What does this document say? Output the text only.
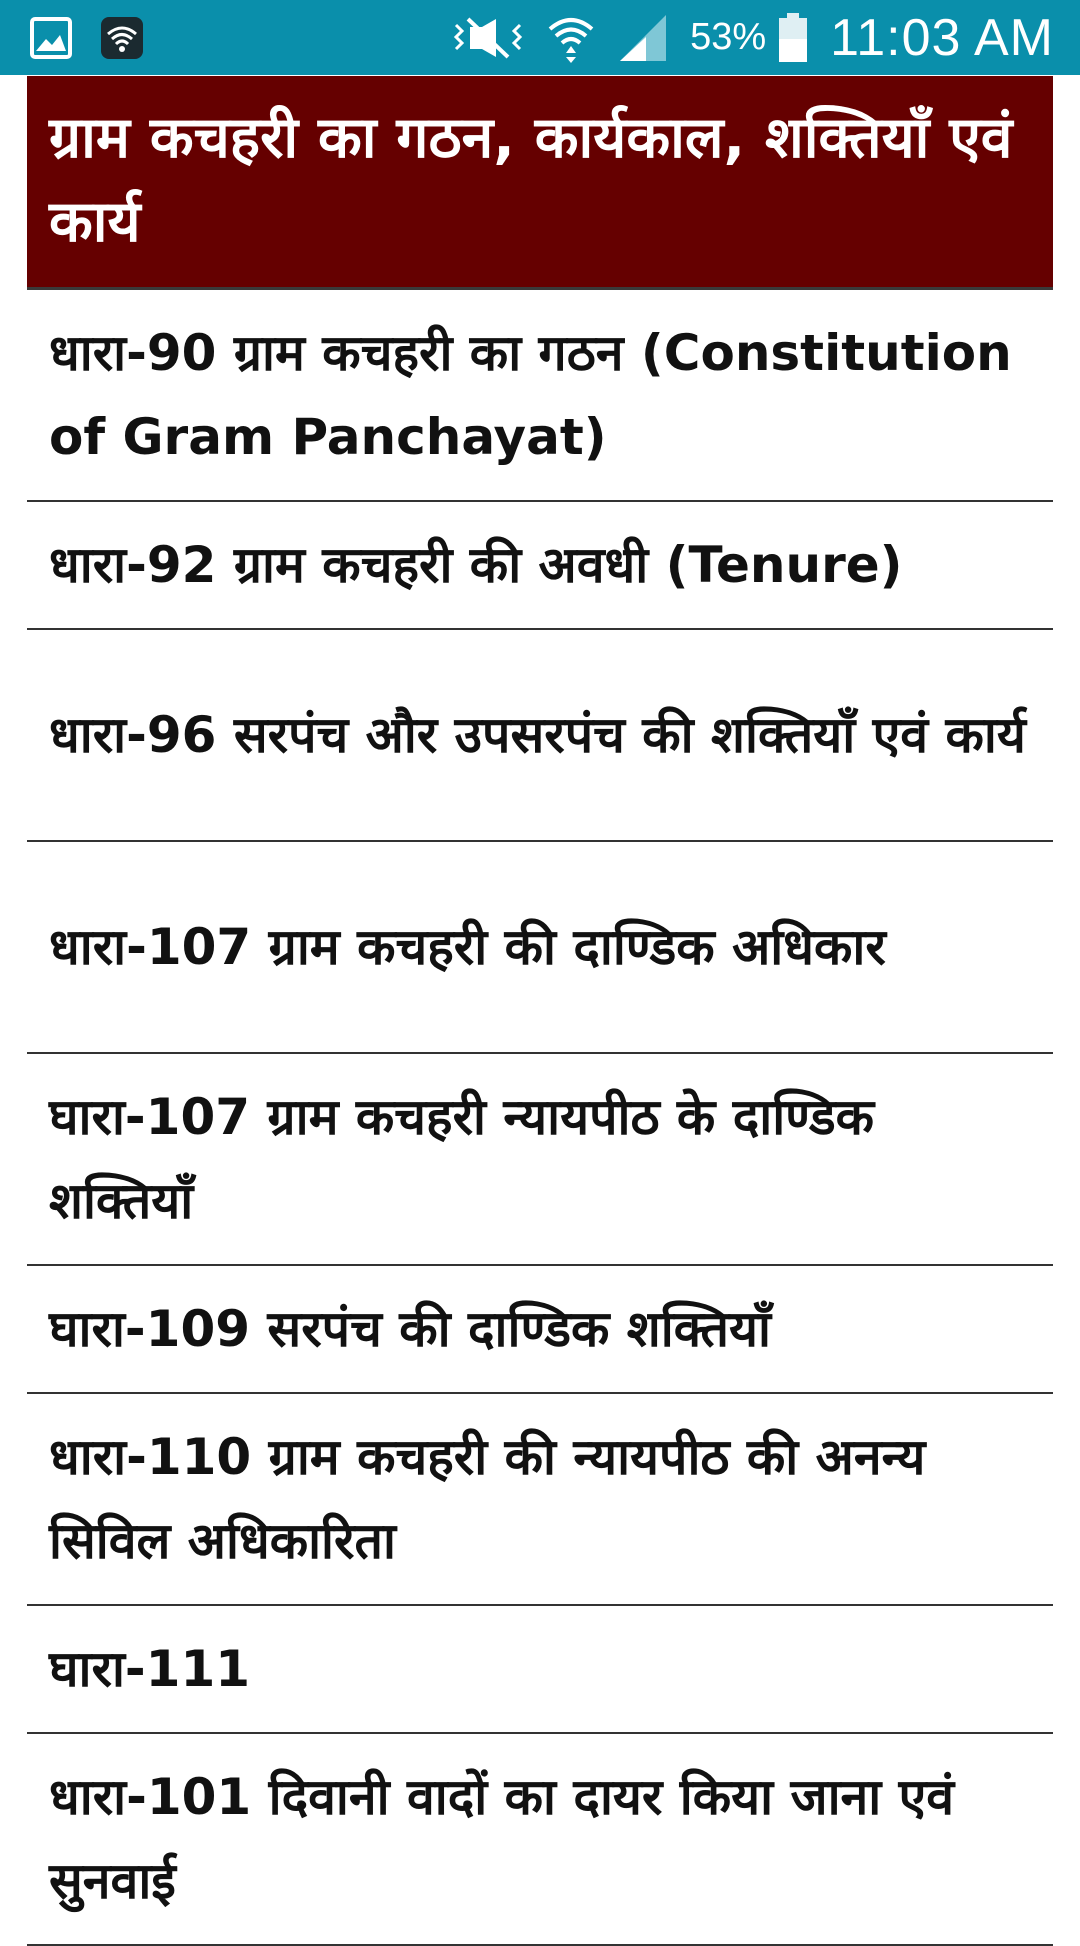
53% 11:03 AM
ग्राम कचहरी का गठन, कार्यकाल, शक्तियाँ एवं कार्य
धारा-90 ग्राम कचहरी का गठन (Constitution of Gram Panchayat)
धारा-92 ग्राम कचहरी की अवधी (Tenure)
धारा-96 सरपंच और उपसरपंच की शक्तियाँ एवं कार्य
धारा-107 ग्राम कचहरी की दाण्डिक अधिकार
घारा-107 ग्राम कचहरी न्यायपीठ के दाण्डिक शक्तियाँ
घारा-109 सरपंच की दाण्डिक शक्तियाँ
धारा-110 ग्राम कचहरी की न्यायपीठ की अनन्य सिविल अधिकारिता
घारा-111
धारा-101 दिवानी वादों का दायर किया जाना एवं सुनवाई
